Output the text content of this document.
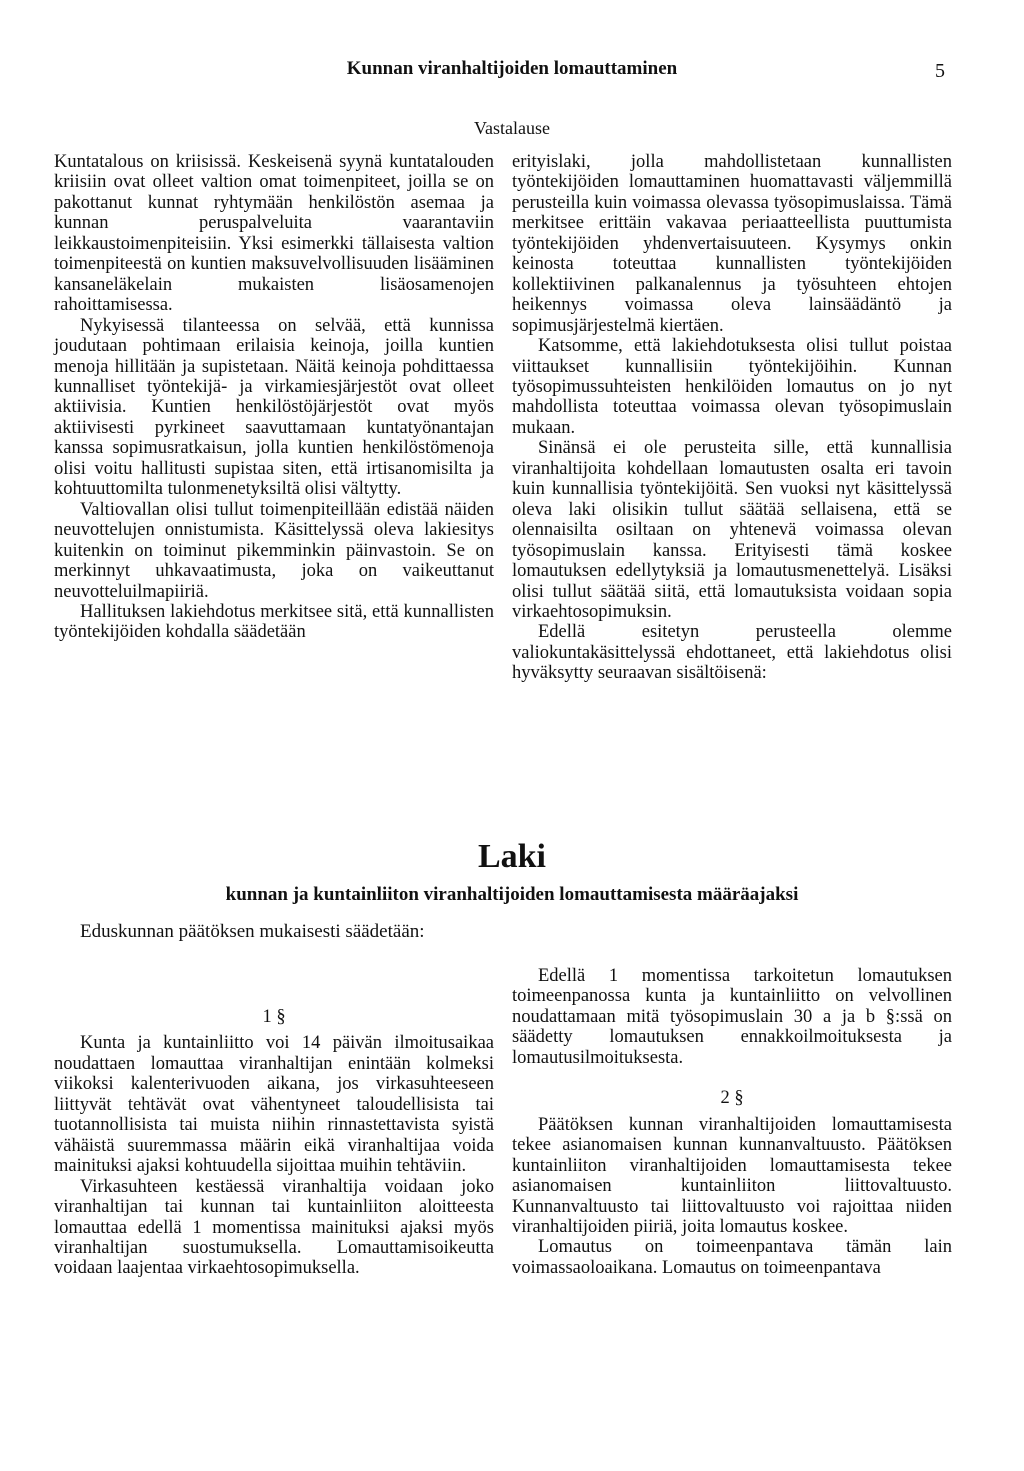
Kunnan viranhaltijoiden lomauttaminen	5
Vastalause

Kuntatalous on kriisissä. Keskeisenä syynä kuntatalouden kriisiin ovat olleet valtion omat toimenpiteet, joilla se on pakottanut kunnat ryhtymään henkilöstön asemaa ja kunnan peruspalveluita vaarantaviin leikkaustoimenpiteisiin. Yksi esimerkki tällaisesta valtion toimenpiteestä on kuntien maksuvelvollisuuden lisääminen kansaneläkelain mukaisten lisäosamenojen rahoittamisessa.

Nykyisessä tilanteessa on selvää, että kunnissa joudutaan pohtimaan erilaisia keinoja, joilla kuntien menoja hillitään ja supistetaan. Näitä keinoja pohdittaessa kunnalliset työntekijä- ja virkamiesjärjestöt ovat olleet aktiivisia. Kuntien henkilöstöjärjestöt ovat myös aktiivisesti pyrkineet saavuttamaan kuntatyönantajan kanssa sopimusratkaisun, jolla kuntien henkilöstömenoja olisi voitu hallitusti supistaa siten, että irtisanomisilta ja kohtuuttomilta tulonmenetyksiltä olisi vältytty.

Valtiovallan olisi tullut toimenpiteillään edistää näiden neuvottelujen onnistumista. Käsittelyssä oleva lakiesitys kuitenkin on toiminut pikemminkin päinvastoin. Se on merkinnyt uhkavaatimusta, joka on vaikeuttanut neuvotteluilmapiiriä.

Hallituksen lakiehdotus merkitsee sitä, että kunnallisten työntekijöiden kohdalla säädetään

erityislaki, jolla mahdollistetaan kunnallisten työntekijöiden lomauttaminen huomattavasti väljemmillä perusteilla kuin voimassa olevassa työsopimuslaissa. Tämä merkitsee erittäin vakavaa periaatteellista puuttumista työntekijöiden yhdenvertaisuuteen. Kysymys onkin keinosta toteuttaa kunnallisten työntekijöiden kollektiivinen palkanalennus ja työsuhteen ehtojen heikennys voimassa oleva lainsäädäntö ja sopimusjärjestelmä kiertäen.

Katsomme, että lakiehdotuksesta olisi tullut poistaa viittaukset kunnallisiin työntekijöihin. Kunnan työsopimussuhteisten henkilöiden lomautus on jo nyt mahdollista toteuttaa voimassa olevan työsopimuslain mukaan.

Sinänsä ei ole perusteita sille, että kunnallisia viranhaltijoita kohdellaan lomautusten osalta eri tavoin kuin kunnallisia työntekijöitä. Sen vuoksi nyt käsittelyssä oleva laki olisikin tullut säätää sellaisena, että se olennaisilta osiltaan on yhtenevä voimassa olevan työsopimuslain kanssa. Erityisesti tämä koskee lomautuksen edellytyksiä ja lomautusmenettelyä. Lisäksi olisi tullut säätää siitä, että lomautuksista voidaan sopia virkaehtosopimuksin.

Edellä esitetyn perusteella olemme valiokuntakäsittelyssä ehdottaneet, että lakiehdotus olisi hyväksytty seuraavan sisältöisenä:

Laki
kunnan ja kuntainliiton viranhaltijoiden lomauttamisesta määräajaksi
Eduskunnan päätöksen mukaisesti säädetään:

1 §

Kunta ja kuntainliitto voi 14 päivän ilmoitusaikaa noudattaen lomauttaa viranhaltijan enintään kolmeksi viikoksi kalenterivuoden aikana, jos virkasuhteeseen liittyvät tehtävät ovat vähentyneet taloudellisista tai tuotannollisista tai muista niihin rinnastettavista syistä vähäistä suuremmassa määrin eikä viranhaltijaa voida mainituksi ajaksi kohtuudella sijoittaa muihin tehtäviin.

Virkasuhteen kestäessä viranhaltija voidaan joko viranhaltijan tai kunnan tai kuntainliiton aloitteesta lomauttaa edellä 1 momentissa mainituksi ajaksi myös viranhaltijan suostumuksella. Lomauttamisoikeutta voidaan laajentaa virkaehtosopimuksella.

Edellä 1 momentissa tarkoitetun lomautuksen toimeenpanossa kunta ja kuntainliitto on velvollinen noudattamaan mitä työsopimuslain 30 a ja b §:ssä on säädetty lomautuksen ennakkoilmoituksesta ja lomautusilmoituksesta.

2 §

Päätöksen kunnan viranhaltijoiden lomauttamisesta tekee asianomaisen kunnan kunnanvaltuusto. Päätöksen kuntainliiton viranhaltijoiden lomauttamisesta tekee asianomaisen kuntainliiton liittovaltuusto. Kunnanvaltuusto tai liittovaltuusto voi rajoittaa niiden viranhaltijoiden piiriä, joita lomautus koskee.

Lomautus on toimeenpantava tämän lain voimassaoloaikana. Lomautus on toimeenpantava
